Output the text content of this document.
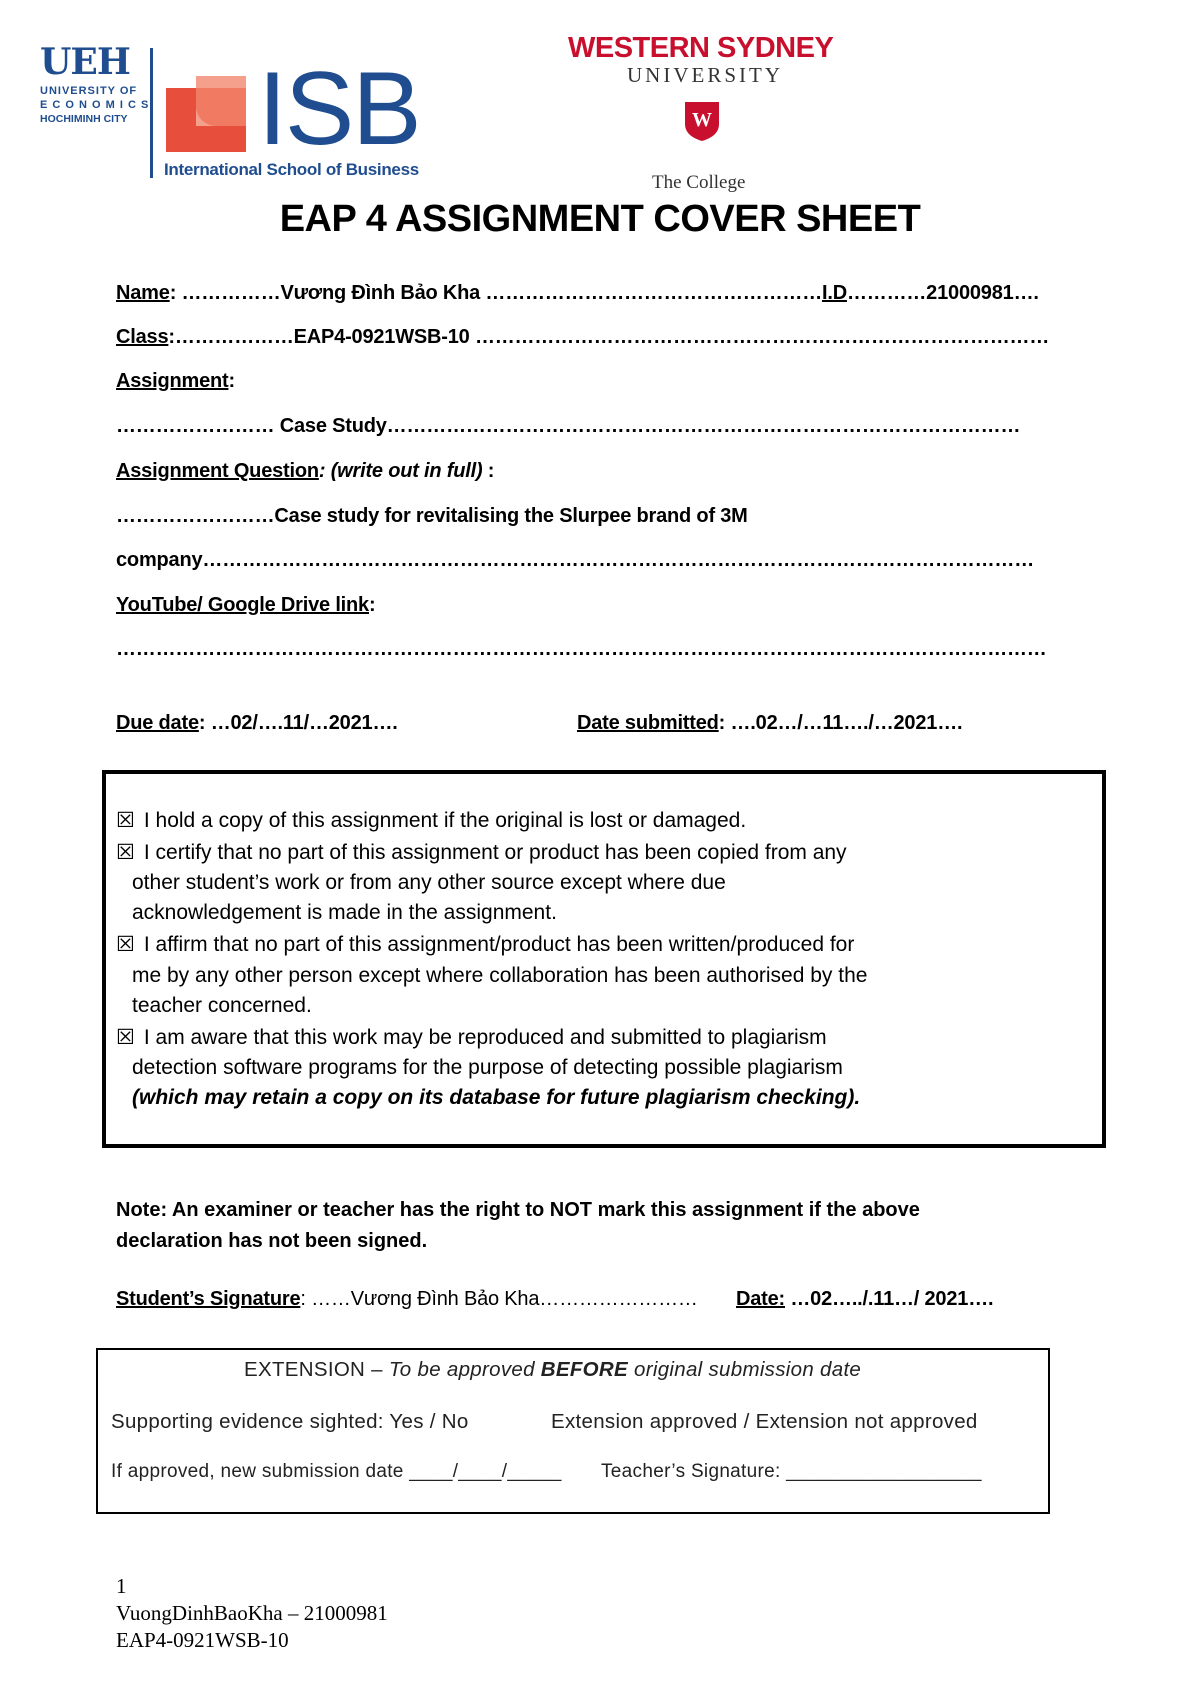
UEH
UNIVERSITY OF
E C O N O M I C S
HOCHIMINH CITY ISB
International School of Business
WESTERN SYDNEY
UNIVERSITY
W
The College
EAP 4 ASSIGNMENT COVER SHEET
Name: ……………Vương Đình Bảo Kha ……………………………………………I.D…………21000981….
Class:………………EAP4-0921WSB-10 ……………………………………………………………………………
Assignment:
…………………… Case Study……………………………………………………………………………………
Assignment Question: (write out in full) :
……………………Case study for revitalising the Slurpee brand of 3M
company………………………………………………………………………………………………………………
YouTube/ Google Drive link:
……………………………………………………………………………………………………………………………
Due date: …02/….11/…2021….	Date submitted: ….02…/…11…./…2021….
☒ I hold a copy of this assignment if the original is lost or damaged.
☒ I certify that no part of this assignment or product has been copied from any
other student’s work or from any other source except where due
acknowledgement is made in the assignment.
☒ I affirm that no part of this assignment/product has been written/produced for
me by any other person except where collaboration has been authorised by the
teacher concerned.
☒ I am aware that this work may be reproduced and submitted to plagiarism
detection software programs for the purpose of detecting possible plagiarism
(which may retain a copy on its database for future plagiarism checking).
Note: An examiner or teacher has the right to NOT mark this assignment if the above declaration has not been signed.
Student’s Signature: ……Vương Đình Bảo Kha…………………… Date: …02…../.11…/ 2021….
EXTENSION – To be approved BEFORE original submission date
Supporting evidence sighted: Yes / No	Extension approved / Extension not approved
If approved, new submission date ____/____/_____ Teacher’s Signature: __________________
1
VuongDinhBaoKha – 21000981
EAP4-0921WSB-10
